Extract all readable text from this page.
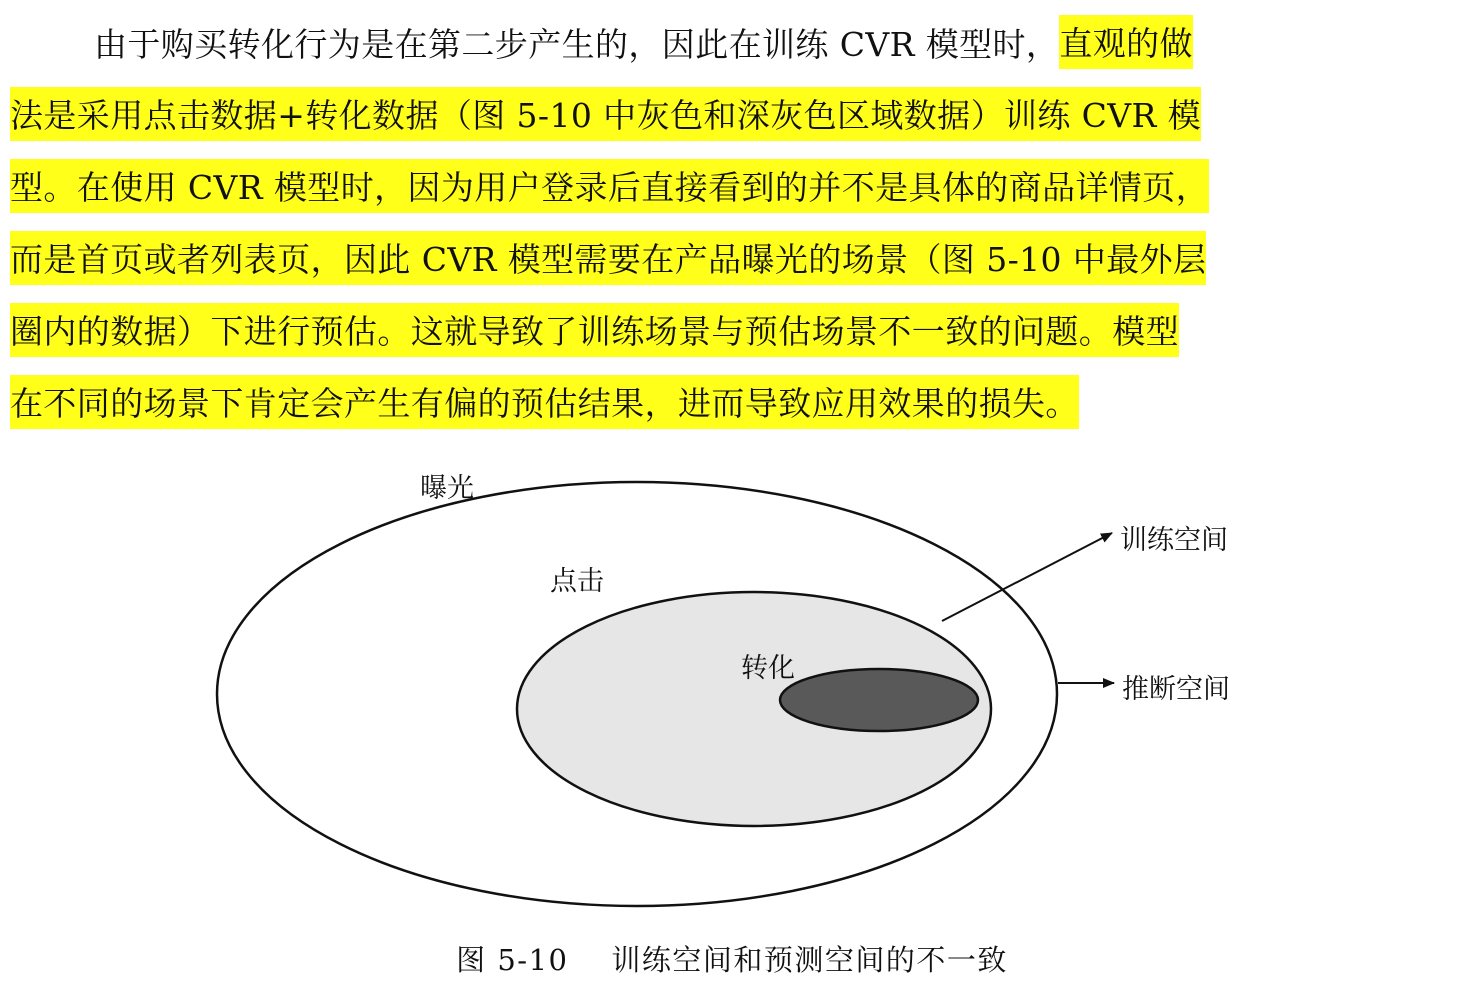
由于购买转化行为是在第二步产生的，因此在训练 CVR 模型时， 直观的做
法是采用点击数据+转化数据（图 5-10 中灰色和深灰色区域数据）训练 CVR 模
型。在使用 CVR 模型时，因为用户登录后直接看到的并不是具体的商品详情页，
而是首页或者列表页，因此 CVR 模型需要在产品曝光的场景（图 5-10 中最外层
圈内的数据）下进行预估。这就导致了训练场景与预估场景不一致的问题。模型
在不同的场景下肯定会产生有偏的预估结果，进而导致应用效果的损失。
曝光
点击
转化
训练空间
推断空间
图 5-10    训练空间和预测空间的不一致
